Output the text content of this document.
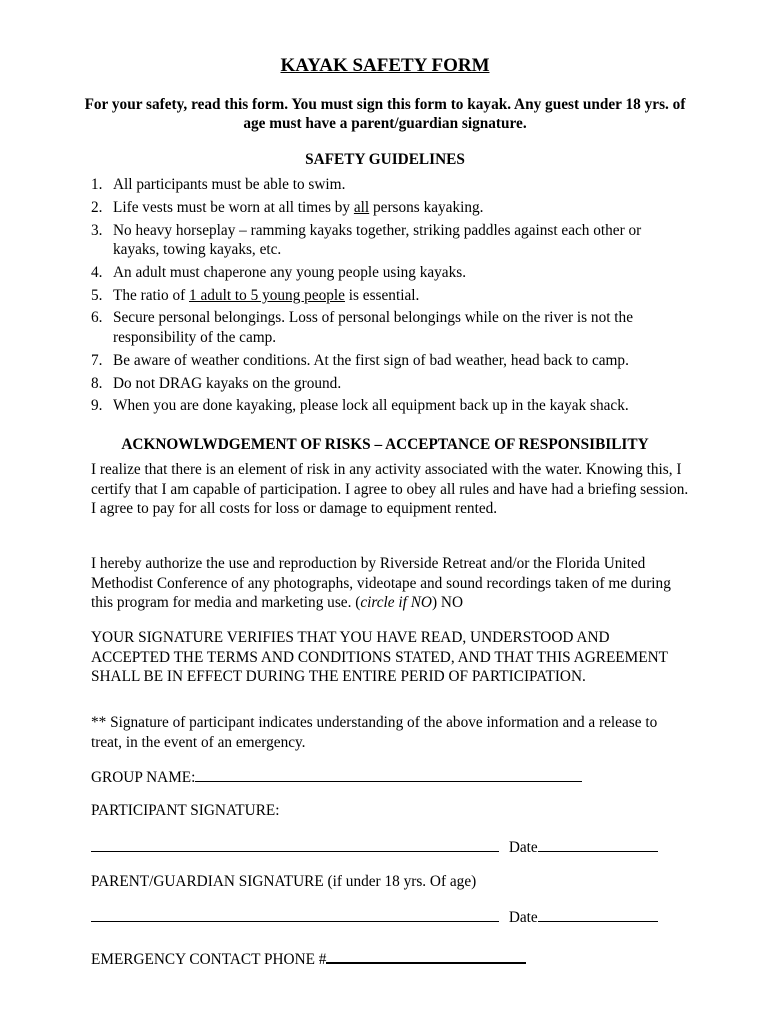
KAYAK SAFETY FORM
For your safety, read this form. You must sign this form to kayak. Any guest under 18 yrs. of age must have a parent/guardian signature.
SAFETY GUIDELINES
1. All participants must be able to swim.
2. Life vests must be worn at all times by all persons kayaking.
3. No heavy horseplay – ramming kayaks together, striking paddles against each other or kayaks, towing kayaks, etc.
4. An adult must chaperone any young people using kayaks.
5. The ratio of 1 adult to 5 young people is essential.
6. Secure personal belongings. Loss of personal belongings while on the river is not the responsibility of the camp.
7. Be aware of weather conditions. At the first sign of bad weather, head back to camp.
8. Do not DRAG kayaks on the ground.
9. When you are done kayaking, please lock all equipment back up in the kayak shack.
ACKNOWLWDGEMENT OF RISKS – ACCEPTANCE OF RESPONSIBILITY
I realize that there is an element of risk in any activity associated with the water. Knowing this, I certify that I am capable of participation. I agree to obey all rules and have had a briefing session. I agree to pay for all costs for loss or damage to equipment rented.
I hereby authorize the use and reproduction by Riverside Retreat and/or the Florida United Methodist Conference of any photographs, videotape and sound recordings taken of me during this program for media and marketing use. (circle if NO) NO
YOUR SIGNATURE VERIFIES THAT YOU HAVE READ, UNDERSTOOD AND ACCEPTED THE TERMS AND CONDITIONS STATED, AND THAT THIS AGREEMENT SHALL BE IN EFFECT DURING THE ENTIRE PERID OF PARTICIPATION.
** Signature of participant indicates understanding of the above information and a release to treat, in the event of an emergency.
GROUP NAME:
PARTICIPANT SIGNATURE:
Date
PARENT/GUARDIAN SIGNATURE (if under 18 yrs. Of age)
Date
EMERGENCY CONTACT PHONE #
